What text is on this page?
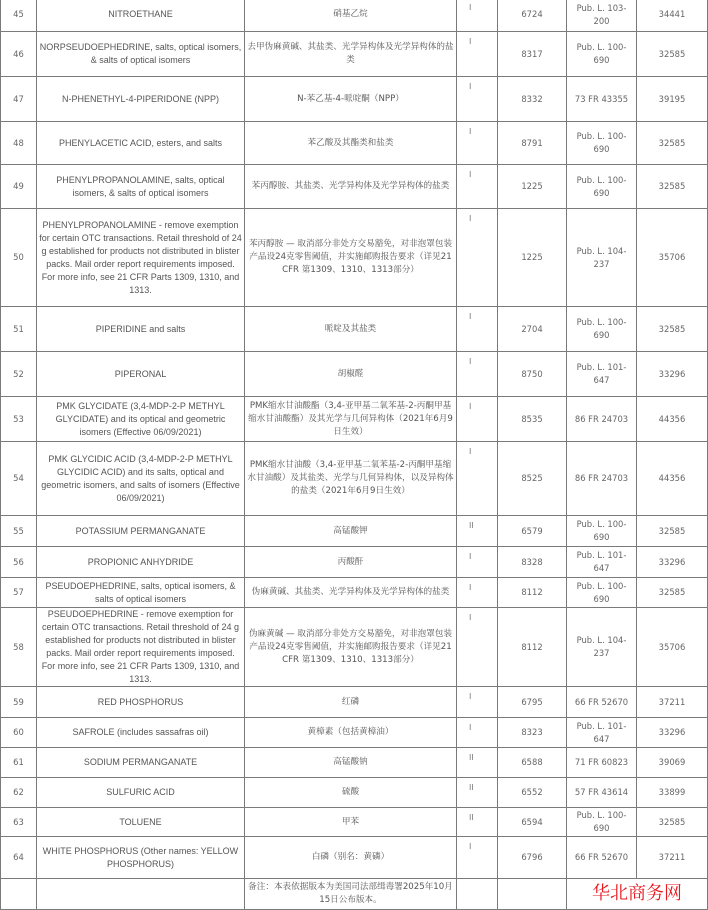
45	NITROETHANE	硝基乙烷	I	6724	Pub. L. 103-200	34441
46	NORPSEUDOEPHEDRINE, salts, optical isomers, & salts of optical isomers	去甲伪麻黄碱、其盐类、光学异构体及光学异构体的盐类	I	8317	Pub. L. 100-690	32585
47	N-PHENETHYL-4-PIPERIDONE (NPP)	N-苯乙基-4-哌啶酮（NPP）	I	8332	73 FR 43355	39195
48	PHENYLACETIC ACID, esters, and salts	苯乙酸及其酯类和盐类	I	8791	Pub. L. 100-690	32585
49	PHENYLPROPANOLAMINE, salts, optical isomers, & salts of optical isomers	苯丙醇胺、其盐类、光学异构体及光学异构体的盐类	I	1225	Pub. L. 100-690	32585
50	PHENYLPROPANOLAMINE - remove exemption for certain OTC transactions. Retail threshold of 24 g established for products not distributed in blister packs. Mail order report requirements imposed. For more info, see 21 CFR Parts 1309, 1310, and 1313.	苯丙醇胺 — 取消部分非处方交易豁免，对非泡罩包装产品设24克零售阈值，并实施邮购报告要求（详见21 CFR 第1309、1310、1313部分）	I	1225	Pub. L. 104-237	35706
51	PIPERIDINE and salts	哌啶及其盐类	I	2704	Pub. L. 100-690	32585
52	PIPERONAL	胡椒醛	I	8750	Pub. L. 101-647	33296
53	PMK GLYCIDATE (3,4-MDP-2-P METHYL GLYCIDATE) and its optical and geometric isomers (Effective 06/09/2021)	PMK缩水甘油酸酯（3,4-亚甲基二氧苯基-2-丙酮甲基缩水甘油酸酯）及其光学与几何异构体（2021年6月9日生效）	I	8535	86 FR 24703	44356
54	PMK GLYCIDIC ACID (3,4-MDP-2-P METHYL GLYCIDIC ACID) and its salts, optical and geometric isomers, and salts of isomers (Effective 06/09/2021)	PMK缩水甘油酸（3,4-亚甲基二氧苯基-2-丙酮甲基缩水甘油酸）及其盐类、光学与几何异构体，以及异构体的盐类（2021年6月9日生效）	I	8525	86 FR 24703	44356
55	POTASSIUM PERMANGANATE	高锰酸钾	II	6579	Pub. L. 100-690	32585
56	PROPIONIC ANHYDRIDE	丙酸酐	I	8328	Pub. L. 101-647	33296
57	PSEUDOEPHEDRINE, salts, optical isomers, & salts of optical isomers	伪麻黄碱、其盐类、光学异构体及光学异构体的盐类	I	8112	Pub. L. 100-690	32585
58	PSEUDOEPHEDRINE - remove exemption for certain OTC transactions. Retail threshold of 24 g established for products not distributed in blister packs. Mail order report requirements imposed. For more info, see 21 CFR Parts 1309, 1310, and 1313.	伪麻黄碱 — 取消部分非处方交易豁免，对非泡罩包装产品设24克零售阈值，并实施邮购报告要求（详见21 CFR 第1309、1310、1313部分）	I	8112	Pub. L. 104-237	35706
59	RED PHOSPHORUS	红磷	I	6795	66 FR 52670	37211
60	SAFROLE (includes sassafras oil)	黄樟素（包括黄樟油）	I	8323	Pub. L. 101-647	33296
61	SODIUM PERMANGANATE	高锰酸钠	II	6588	71 FR 60823	39069
62	SULFURIC ACID	硫酸	II	6552	57 FR 43614	33899
63	TOLUENE	甲苯	II	6594	Pub. L. 100-690	32585
64	WHITE PHOSPHORUS (Other names: YELLOW PHOSPHORUS)	白磷（别名：黄磷）	I	6796	66 FR 52670	37211
		备注：本表依据版本为美国司法部缉毒署2025年10月15日公布版本。			华北商务网	
